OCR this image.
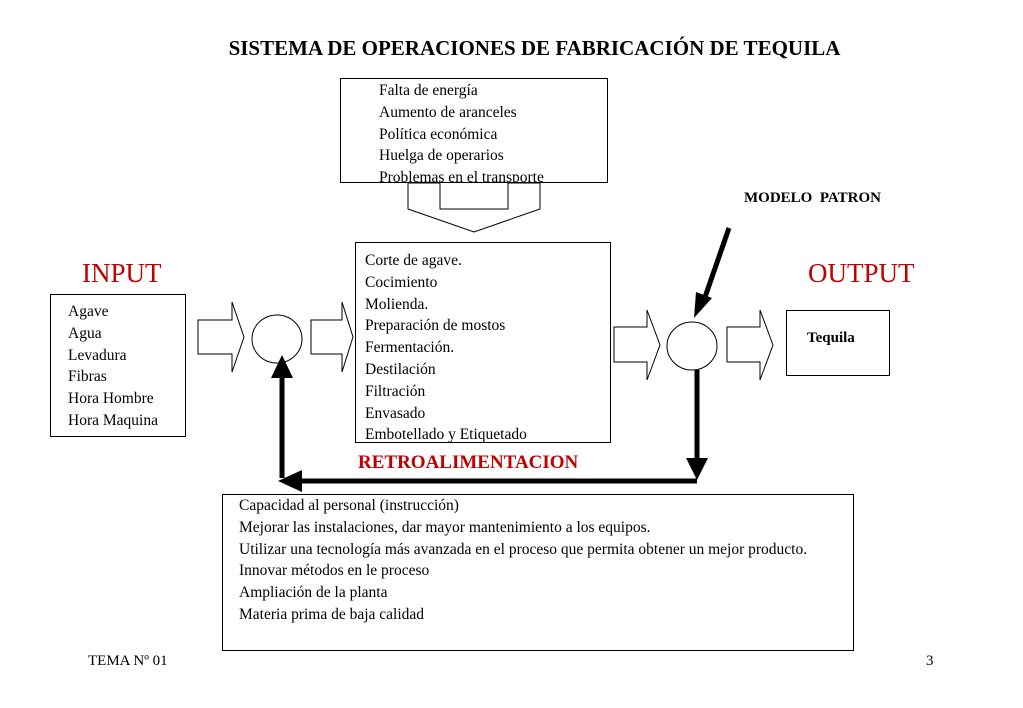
SISTEMA DE OPERACIONES DE FABRICACIÓN DE TEQUILA
Falta de energía
Aumento de aranceles
Política económica
Huelga de operarios
Problemas en el transporte
MODELO  PATRON
INPUT	OUTPUT
Agave
Agua
Levadura
Fibras
Hora Hombre
Hora Maquina
Corte de agave.
Cocimiento
Molienda.
Preparación de mostos
Fermentación.
Destilación
Filtración
Envasado
Embotellado y Etiquetado
Tequila
RETROALIMENTACION
Capacidad al personal (instrucción)
Mejorar las instalaciones, dar mayor mantenimiento a los equipos.
Utilizar una tecnología más avanzada en el proceso que permita obtener un mejor producto.
Innovar métodos en le proceso
Ampliación de la planta
Materia prima de baja calidad
TEMA Nº 01	3
